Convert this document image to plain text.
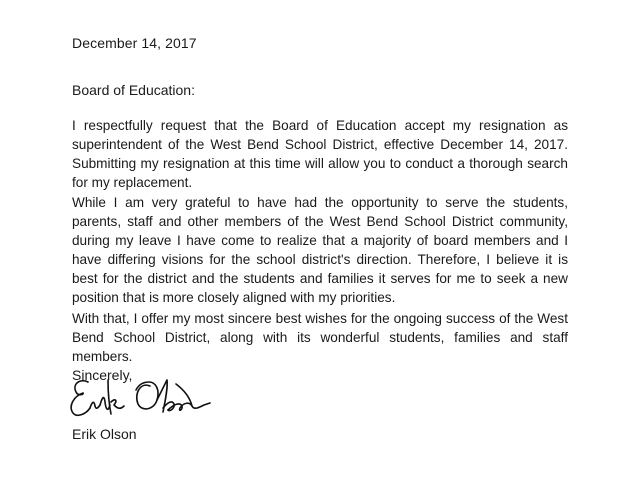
December 14, 2017
Board of Education:
I respectfully request that the Board of Education accept my resignation as superintendent of the West Bend School District, effective December 14, 2017. Submitting my resignation at this time will allow you to conduct a thorough search for my replacement.
While I am very grateful to have had the opportunity to serve the students, parents, staff and other members of the West Bend School District community, during my leave I have come to realize that a majority of board members and I have differing visions for the school district's direction. Therefore, I believe it is best for the district and the students and families it serves for me to seek a new position that is more closely aligned with my priorities.
With that, I offer my most sincere best wishes for the ongoing success of the West Bend School District, along with its wonderful students, families and staff members.
Sincerely,
Erik Olson
